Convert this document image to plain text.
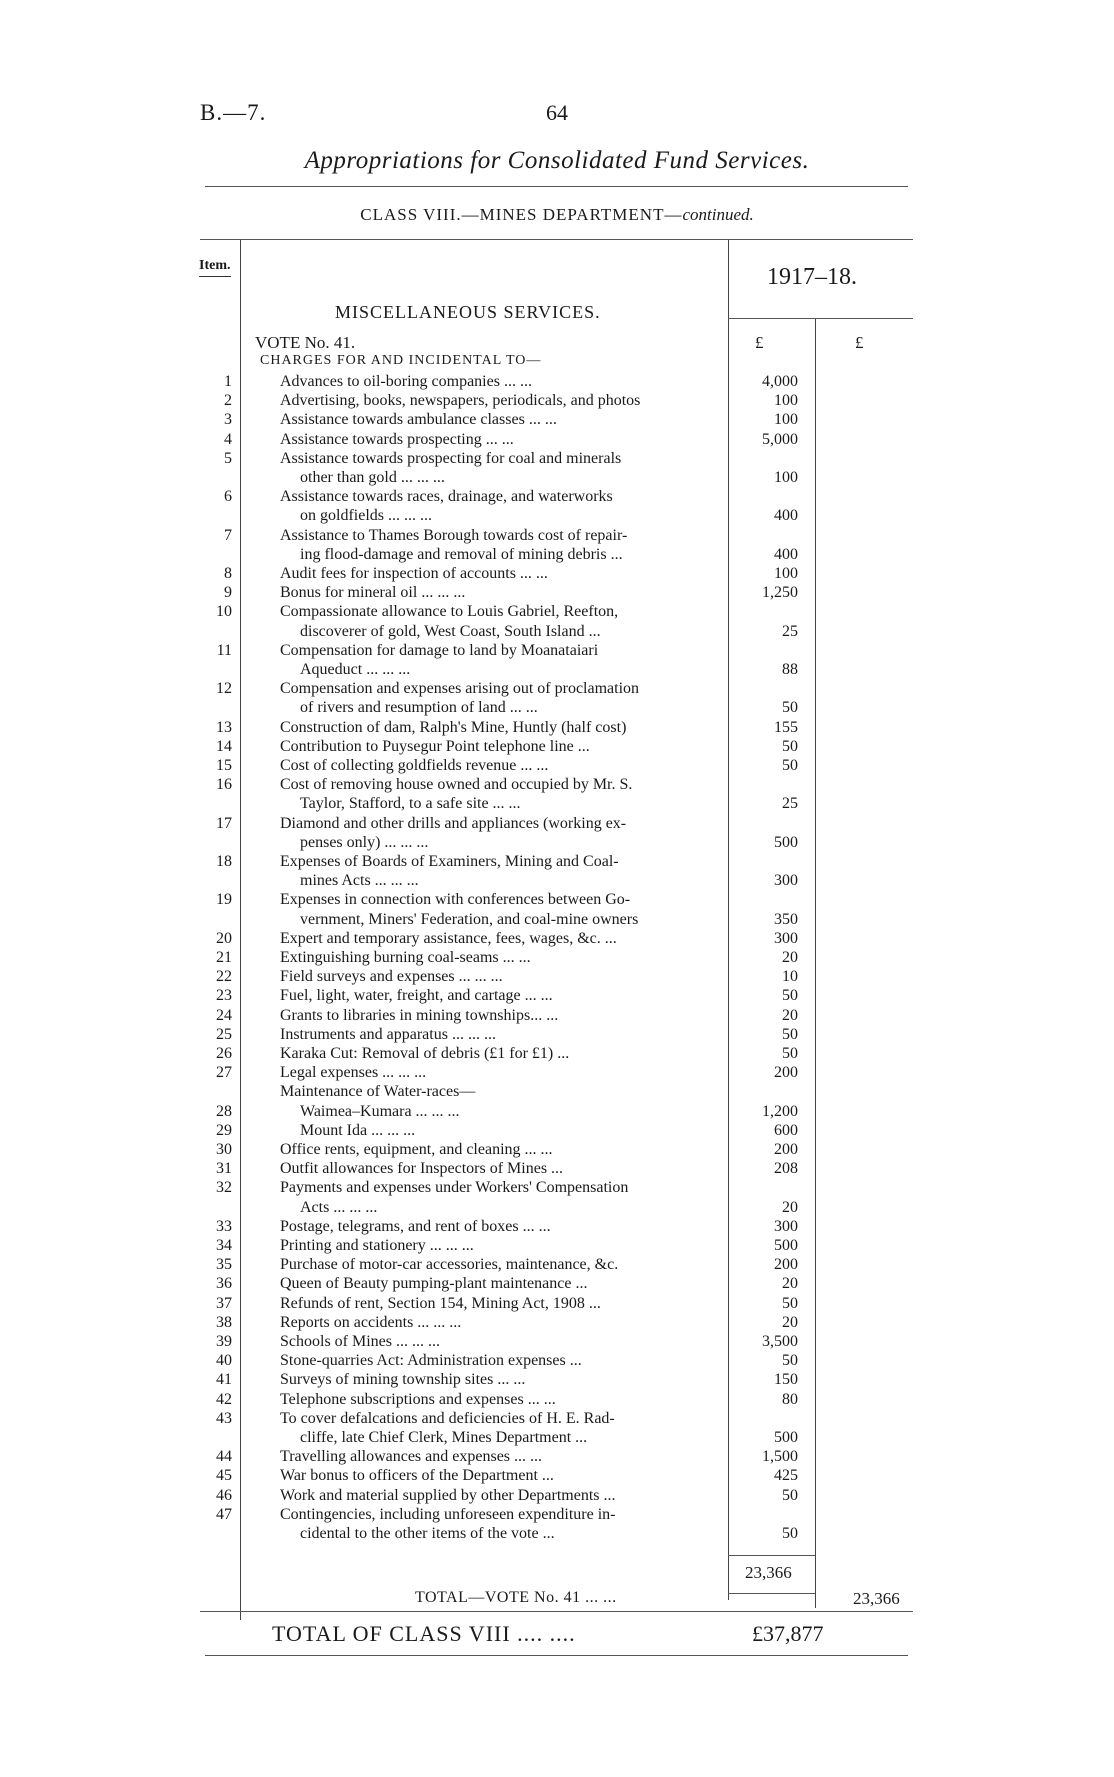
B.—7.	64
Appropriations for Consolidated Fund Services.
CLASS VIII.—MINES DEPARTMENT—continued.
Item.	1917–18.
MISCELLANEOUS SERVICES.
VOTE No. 41.	£	£
CHARGES FOR AND INCIDENTAL TO—
1	Advances to oil-boring companies ... ...	4,000
2	Advertising, books, newspapers, periodicals, and photos	100
3	Assistance towards ambulance classes ... ...	100
4	Assistance towards prospecting ... ...	5,000
5	Assistance towards prospecting for coal and minerals
other than gold ... ... ...	100
6	Assistance towards races, drainage, and waterworks
on goldfields ... ... ...	400
7	Assistance to Thames Borough towards cost of repair-
ing flood-damage and removal of mining debris ...	400
8	Audit fees for inspection of accounts ... ...	100
9	Bonus for mineral oil ... ... ...	1,250
10	Compassionate allowance to Louis Gabriel, Reefton,
discoverer of gold, West Coast, South Island ...	25
11	Compensation for damage to land by Moanataiari
Aqueduct ... ... ...	88
12	Compensation and expenses arising out of proclamation
of rivers and resumption of land ... ...	50
13	Construction of dam, Ralph's Mine, Huntly (half cost)	155
14	Contribution to Puysegur Point telephone line ...	50
15	Cost of collecting goldfields revenue ... ...	50
16	Cost of removing house owned and occupied by Mr. S.
Taylor, Stafford, to a safe site ... ...	25
17	Diamond and other drills and appliances (working ex-
penses only) ... ... ...	500
18	Expenses of Boards of Examiners, Mining and Coal-
mines Acts ... ... ...	300
19	Expenses in connection with conferences between Go-
vernment, Miners' Federation, and coal-mine owners	350
20	Expert and temporary assistance, fees, wages, &c. ...	300
21	Extinguishing burning coal-seams ... ...	20
22	Field surveys and expenses ... ... ...	10
23	Fuel, light, water, freight, and cartage ... ...	50
24	Grants to libraries in mining townships... ...	20
25	Instruments and apparatus ... ... ...	50
26	Karaka Cut: Removal of debris (£1 for £1) ...	50
27	Legal expenses ... ... ...	200
Maintenance of Water-races—
28	Waimea–Kumara ... ... ...	1,200
29	Mount Ida ... ... ...	600
30	Office rents, equipment, and cleaning ... ...	200
31	Outfit allowances for Inspectors of Mines ...	208
32	Payments and expenses under Workers' Compensation
Acts ... ... ...	20
33	Postage, telegrams, and rent of boxes ... ...	300
34	Printing and stationery ... ... ...	500
35	Purchase of motor-car accessories, maintenance, &c.	200
36	Queen of Beauty pumping-plant maintenance ...	20
37	Refunds of rent, Section 154, Mining Act, 1908 ...	50
38	Reports on accidents ... ... ...	20
39	Schools of Mines ... ... ...	3,500
40	Stone-quarries Act: Administration expenses ...	50
41	Surveys of mining township sites ... ...	150
42	Telephone subscriptions and expenses ... ...	80
43	To cover defalcations and deficiencies of H. E. Rad-
cliffe, late Chief Clerk, Mines Department ...	500
44	Travelling allowances and expenses ... ...	1,500
45	War bonus to officers of the Department ...	425
46	Work and material supplied by other Departments ...	50
47	Contingencies, including unforeseen expenditure in-
cidental to the other items of the vote ...	50
23,366
TOTAL—VOTE No. 41 ... ...	23,366
TOTAL OF CLASS VIII .... ....	£37,877
